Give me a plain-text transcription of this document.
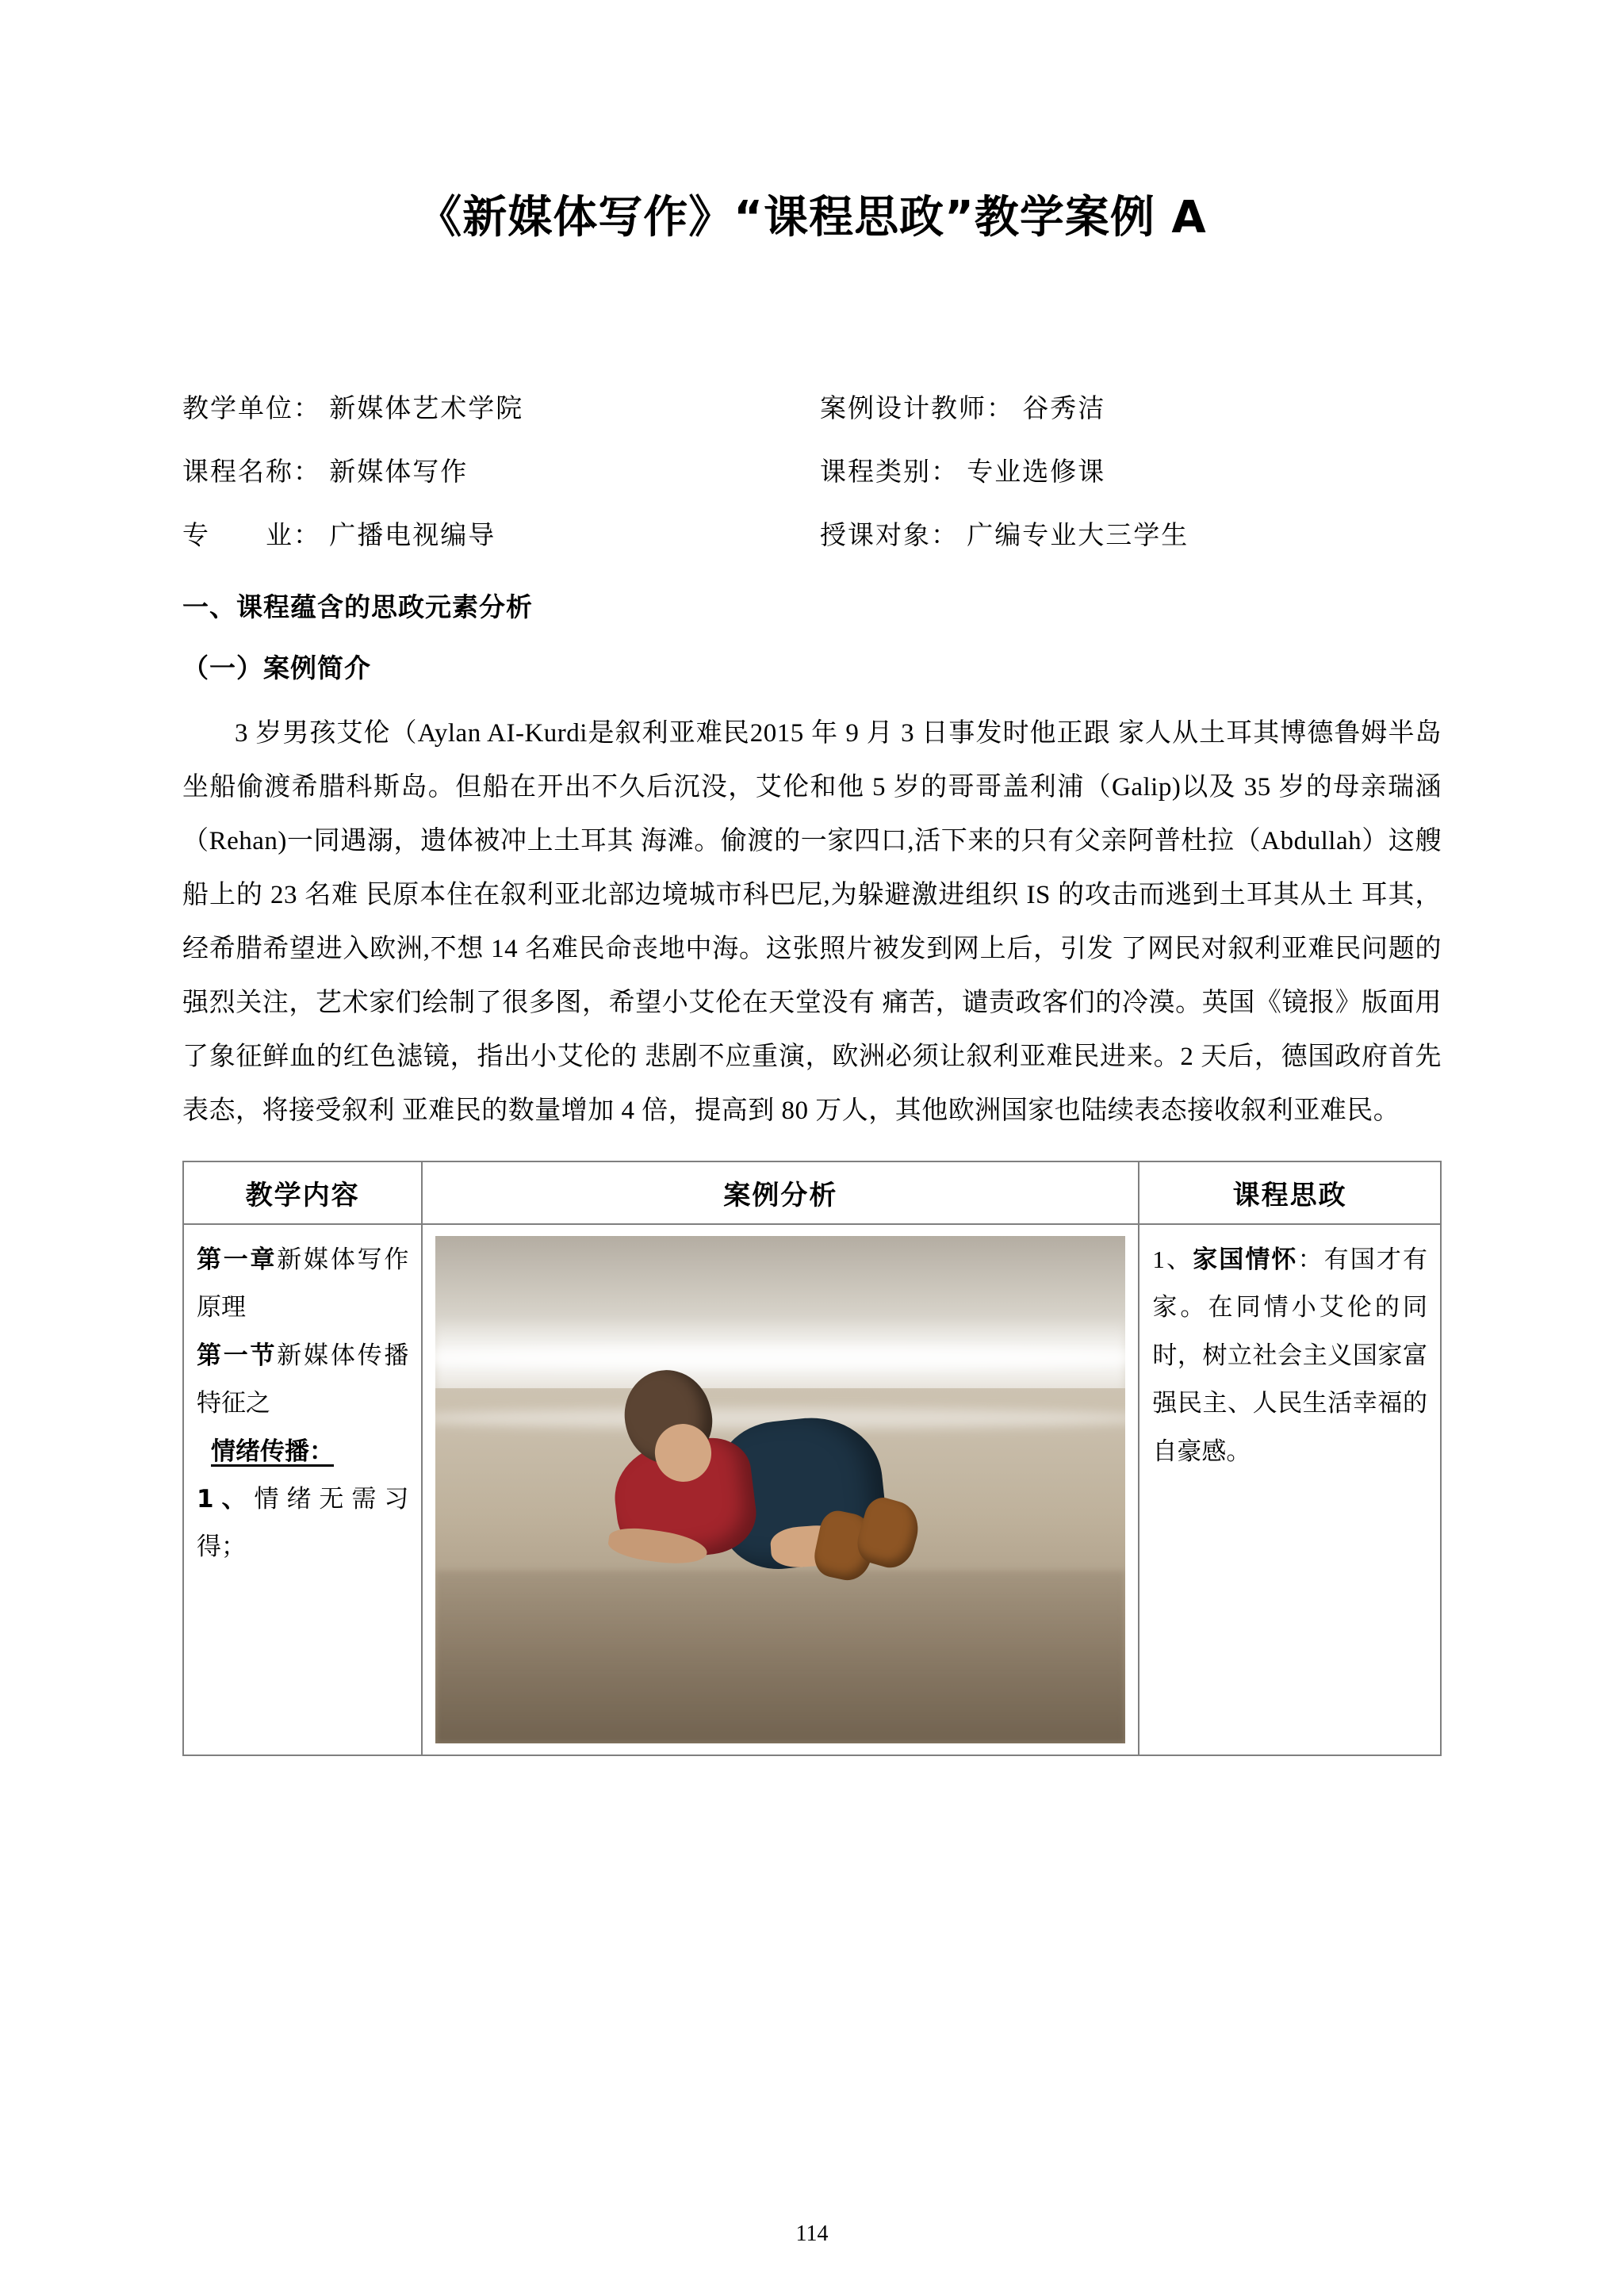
《新媒体写作》“课程思政”教学案例 A
教学单位： 新媒体艺术学院	案例设计教师： 谷秀洁
课程名称： 新媒体写作	课程类别： 专业选修课
专　　业： 广播电视编导	授课对象： 广编专业大三学生
一、课程蕴含的思政元素分析
（一）案例简介

3 岁男孩艾伦（Aylan AI-Kurdi是叙利亚难民2015 年 9 月 3 日事发时他正跟 家人从土耳其博德鲁姆半岛坐船偷渡希腊科斯岛。但船在开出不久后沉没，艾伦和他 5 岁的哥哥盖利浦（Galip)以及 35 岁的母亲瑞涵（Rehan)一同遇溺，遗体被冲上土耳其 海滩。偷渡的一家四口,活下来的只有父亲阿普杜拉（Abdullah）这艘船上的 23 名难 民原本住在叙利亚北部边境城市科巴尼,为躲避激进组织 IS 的攻击而逃到土耳其从土 耳其，经希腊希望进入欧洲,不想 14 名难民命丧地中海。这张照片被发到网上后，引发 了网民对叙利亚难民问题的强烈关注，艺术家们绘制了很多图，希望小艾伦在天堂没有 痛苦，谴责政客们的冷漠。英国《镜报》版面用了象征鲜血的红色滤镜，指出小艾伦的 悲剧不应重演，欧洲必须让叙利亚难民进来。2 天后，德国政府首先表态，将接受叙利 亚难民的数量增加 4 倍，提高到 80 万人，其他欧洲国家也陆续表态接收叙利亚难民。

教学内容	案例分析	课程思政

第一章新媒体写作原理

第一节新媒体传播特征之

情绪传播：

1、情绪无需习得；		1、家国情怀：有国才有家。在同情小艾伦的同时，树立社会主义国家富强民主、人民生活幸福的自豪感。

114
